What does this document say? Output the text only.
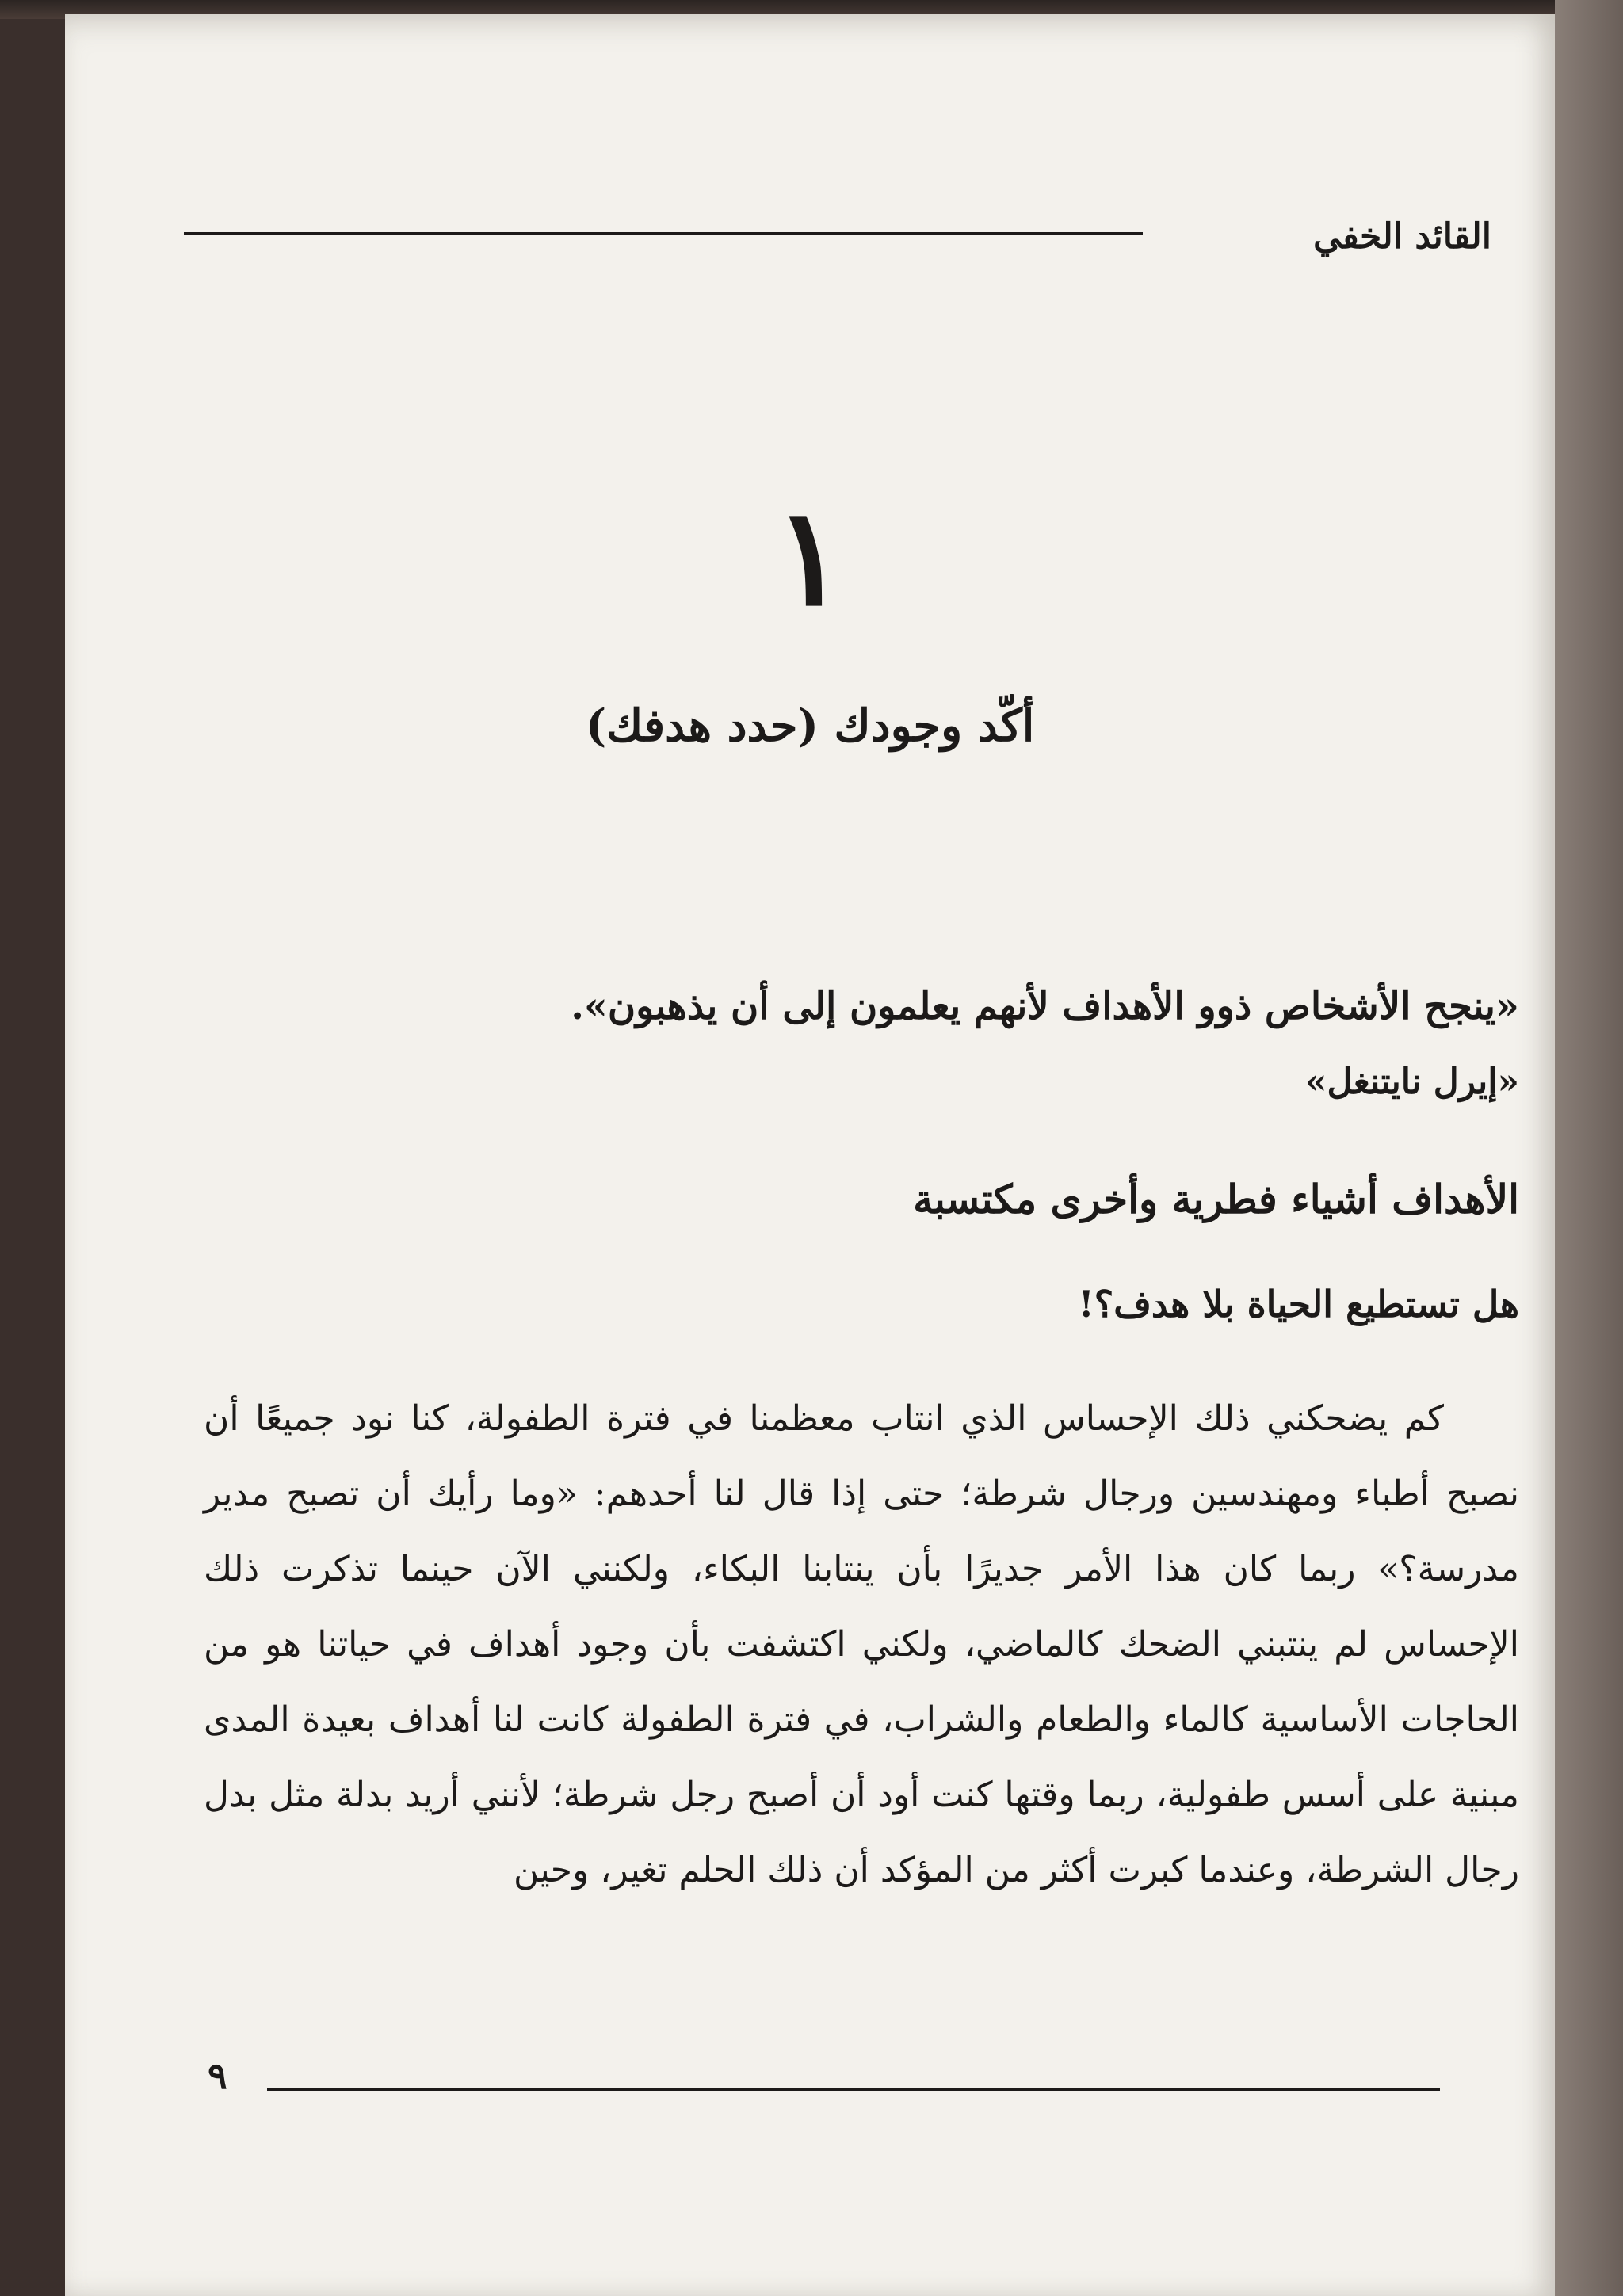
القائد الخفي
١
أكّد وجودك (حدد هدفك)
«ينجح الأشخاص ذوو الأهداف لأنهم يعلمون إلى أن يذهبون».
«إيرل نايتنغل»
الأهداف أشياء فطرية وأخرى مكتسبة
هل تستطيع الحياة بلا هدف؟!

كم يضحكني ذلك الإحساس الذي انتاب معظمنا في فترة الطفولة، كنا نود جميعًا أن نصبح أطباء ومهندسين ورجال شرطة؛ حتى إذا قال لنا أحدهم: «وما رأيك أن تصبح مدير مدرسة؟» ربما كان هذا الأمر جديرًا بأن ينتابنا البكاء، ولكنني الآن حينما تذكرت ذلك الإحساس لم ينتبني الضحك كالماضي، ولكني اكتشفت بأن وجود أهداف في حياتنا هو من الحاجات الأساسية كالماء والطعام والشراب، في فترة الطفولة كانت لنا أهداف بعيدة المدى مبنية على أسس طفولية، ربما وقتها كنت أود أن أصبح رجل شرطة؛ لأنني أريد بدلة مثل بدل رجال الشرطة، وعندما كبرت أكثر من المؤكد أن ذلك الحلم تغير، وحين

٩
